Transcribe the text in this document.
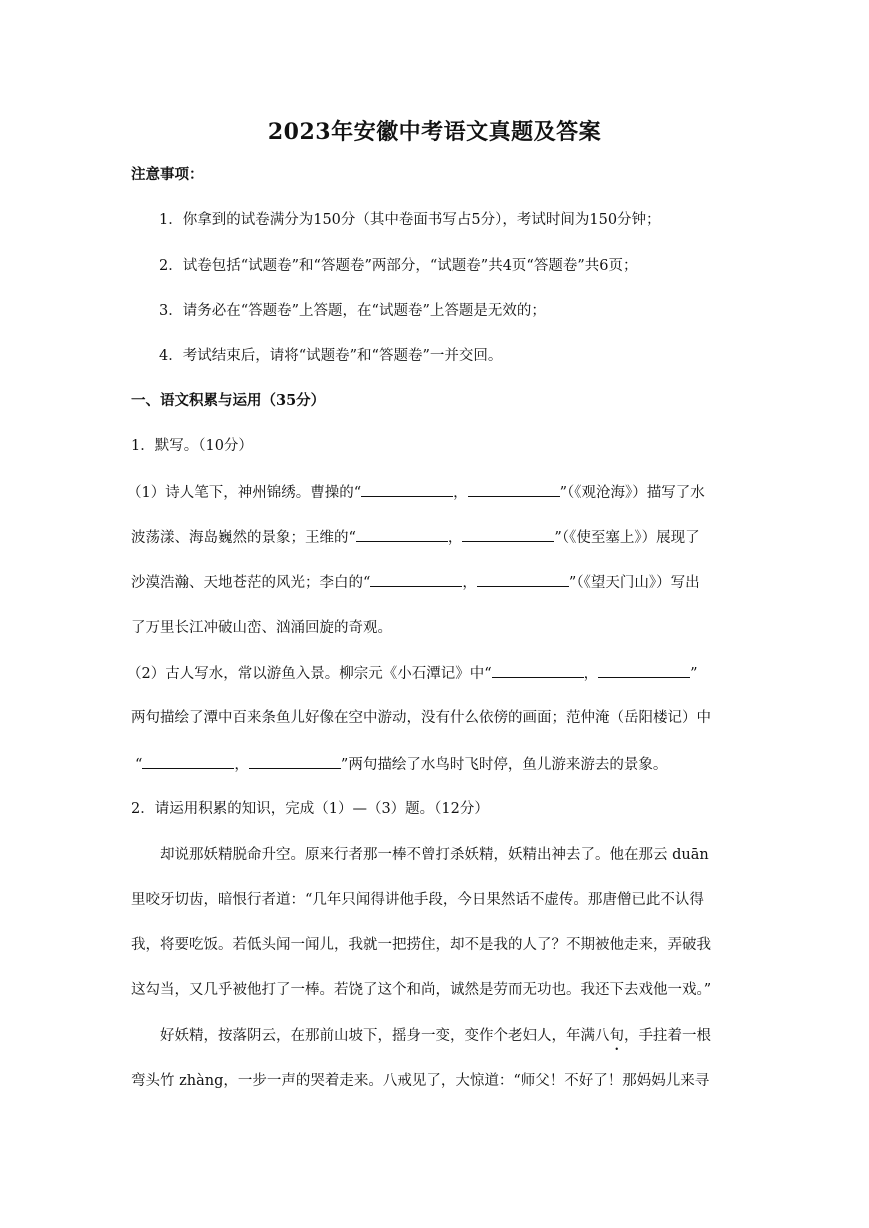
2023年安徽中考语文真题及答案
注意事项：
1．你拿到的试卷满分为150分（其中卷面书写占5分），考试时间为150分钟；
2．试卷包括“试题卷”和“答题卷”两部分，“试题卷”共4页“答题卷”共6页；
3．请务必在“答题卷”上答题，在“试题卷”上答题是无效的；
4．考试结束后，请将“试题卷”和“答题卷”一并交回。
一、语文积累与运用（35分）
1．默写。（10分）
（1）诗人笔下，神州锦绣。曹操的“	，	”（《观沧海》）描写了水
波荡漾、海岛巍然的景象；王维的“	，	”（《使至塞上》）展现了
沙漠浩瀚、天地苍茫的风光；李白的“	，	”（《望天门山》）写出
了万里长江冲破山峦、汹涌回旋的奇观。
（2）古人写水，常以游鱼入景。柳宗元《小石潭记》中“	，	”
两句描绘了潭中百来条鱼儿好像在空中游动，没有什么依傍的画面；范仲淹（岳阳楼记）中
“	，	”两句描绘了水鸟时飞时停，鱼儿游来游去的景象。
2．请运用积累的知识，完成（1）—（3）题。（12分）
却说那妖精脱命升空。原来行者那一棒不曾打杀妖精，妖精出神去了。他在那云 duān
里咬牙切齿，暗恨行者道：“几年只闻得讲他手段，今日果然话不虚传。那唐僧已此不认得
我，将要吃饭。若低头闻一闻儿，我就一把捞住，却不是我的人了？不期被他走来，弄破我
这勾当，又几乎被他打了一棒。若饶了这个和尚，诚然是劳而无功也。我还下去戏他一戏。”
好妖精，按落阴云，在那前山坡下，摇身一变，变作个老妇人，年满八旬，手拄着一根
弯头竹 zhàng，一步一声的哭着走来。八戒见了，大惊道：“师父！不好了！那妈妈儿来寻
